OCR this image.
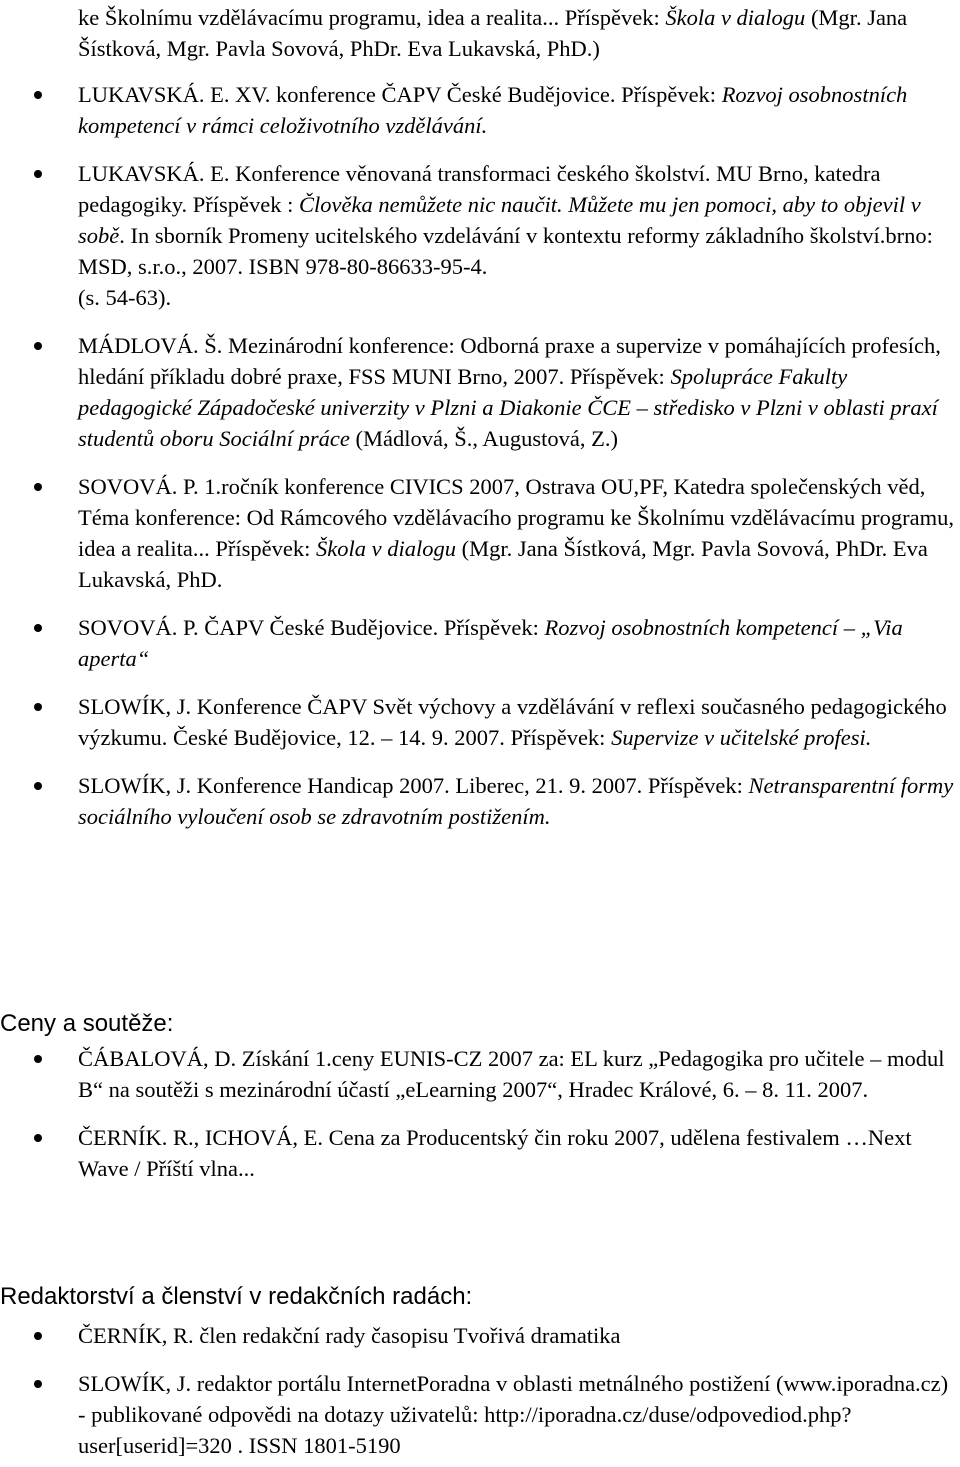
ke Školnímu vzdělávacímu programu, idea a realita... Příspěvek: Škola v dialogu (Mgr. Jana Šístková, Mgr. Pavla Sovová, PhDr. Eva Lukavská, PhD.)
LUKAVSKÁ. E. XV. konference ČAPV České Budějovice. Příspěvek: Rozvoj osobnostních kompetencí v rámci celoživotního vzdělávání.
LUKAVSKÁ. E. Konference věnovaná transformaci českého školství. MU Brno, katedra pedagogiky. Příspěvek : Člověka nemůžete nic naučit. Můžete mu jen pomoci, aby to objevil v sobě. In sborník Promeny ucitelského vzdelávání v kontextu reformy základního školství.brno: MSD, s.r.o., 2007. ISBN 978-80-86633-95-4.
(s. 54-63).
MÁDLOVÁ. Š. Mezinárodní konference: Odborná praxe a supervize v pomáhajících profesích, hledání příkladu dobré praxe, FSS MUNI Brno, 2007. Příspěvek: Spolupráce Fakulty pedagogické Západočeské univerzity v Plzni a Diakonie ČCE – středisko v Plzni v oblasti praxí studentů oboru Sociální práce (Mádlová, Š., Augustová, Z.)
SOVOVÁ. P. 1.ročník konference CIVICS 2007, Ostrava OU,PF, Katedra společenských věd, Téma konference: Od Rámcového vzdělávacího programu ke Školnímu vzdělávacímu programu, idea a realita... Příspěvek: Škola v dialogu (Mgr. Jana Šístková, Mgr. Pavla Sovová, PhDr. Eva Lukavská, PhD.
SOVOVÁ. P. ČAPV České Budějovice. Příspěvek: Rozvoj osobnostních kompetencí – „Via aperta“
SLOWÍK, J. Konference ČAPV Svět výchovy a vzdělávání v reflexi současného pedagogického výzkumu. České Budějovice, 12. – 14. 9. 2007. Příspěvek: Supervize v učitelské profesi.
SLOWÍK, J. Konference Handicap 2007. Liberec, 21. 9. 2007. Příspěvek: Netransparentní formy sociálního vyloučení osob se zdravotním postižením.
Ceny a soutěže:
ČÁBALOVÁ, D. Získání 1.ceny EUNIS-CZ 2007 za: EL kurz „Pedagogika pro učitele – modul B“ na soutěži s mezinárodní účastí „eLearning 2007“, Hradec Králové, 6. – 8. 11. 2007.
ČERNÍK. R., ICHOVÁ, E. Cena za Producentský čin roku 2007, udělena festivalem …Next Wave / Příští vlna...
Redaktorství a členství v redakčních radách:
ČERNÍK, R. člen redakční rady časopisu Tvořivá dramatika
SLOWÍK, J. redaktor portálu InternetPoradna v oblasti metnálného postižení (www.iporadna.cz) - publikované odpovědi na dotazy uživatelů: http://iporadna.cz/duse/odpovediod.php?user[userid]=320 . ISSN 1801-5190
